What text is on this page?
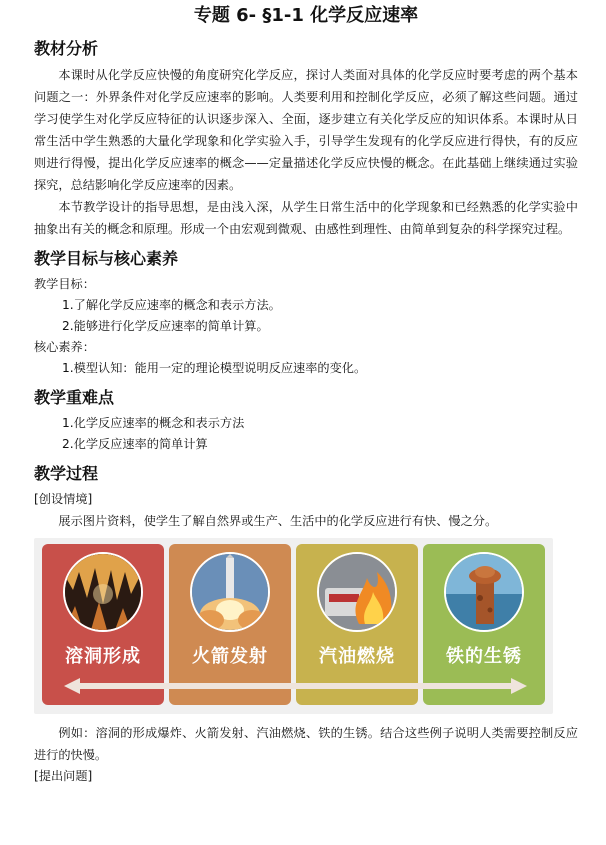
专题 6- §1-1 化学反应速率
教材分析

本课时从化学反应快慢的角度研究化学反应，探讨人类面对具体的化学反应时要考虑的两个基本问题之一：外界条件对化学反应速率的影响。人类要利用和控制化学反应，必须了解这些问题。通过学习使学生对化学反应特征的认识逐步深入、全面，逐步建立有关化学反应的知识体系。本课时从日常生活中学生熟悉的大量化学现象和化学实验入手，引导学生发现有的化学反应进行得快，有的反应则进行得慢，提出化学反应速率的概念——定量描述化学反应快慢的概念。在此基础上继续通过实验探究，总结影响化学反应速率的因素。

本节教学设计的指导思想，是由浅入深，从学生日常生活中的化学现象和已经熟悉的化学实验中抽象出有关的概念和原理。形成一个由宏观到微观、由感性到理性、由简单到复杂的科学探究过程。

教学目标与核心素养

教学目标：

1.了解化学反应速率的概念和表示方法。
2.能够进行化学反应速率的简单计算。

核心素养：

1.模型认知：能用一定的理论模型说明反应速率的变化。
教学重难点
1.化学反应速率的概念和表示方法
2.化学反应速率的简单计算
教学过程

[创设情境]

展示图片资料，使学生了解自然界或生产、生活中的化学反应进行有快、慢之分。

溶洞形成	火箭发射	汽油燃烧	铁的生锈

例如：溶洞的形成爆炸、火箭发射、汽油燃烧、铁的生锈。结合这些例子说明人类需要控制反应进行的快慢。

[提出问题]
